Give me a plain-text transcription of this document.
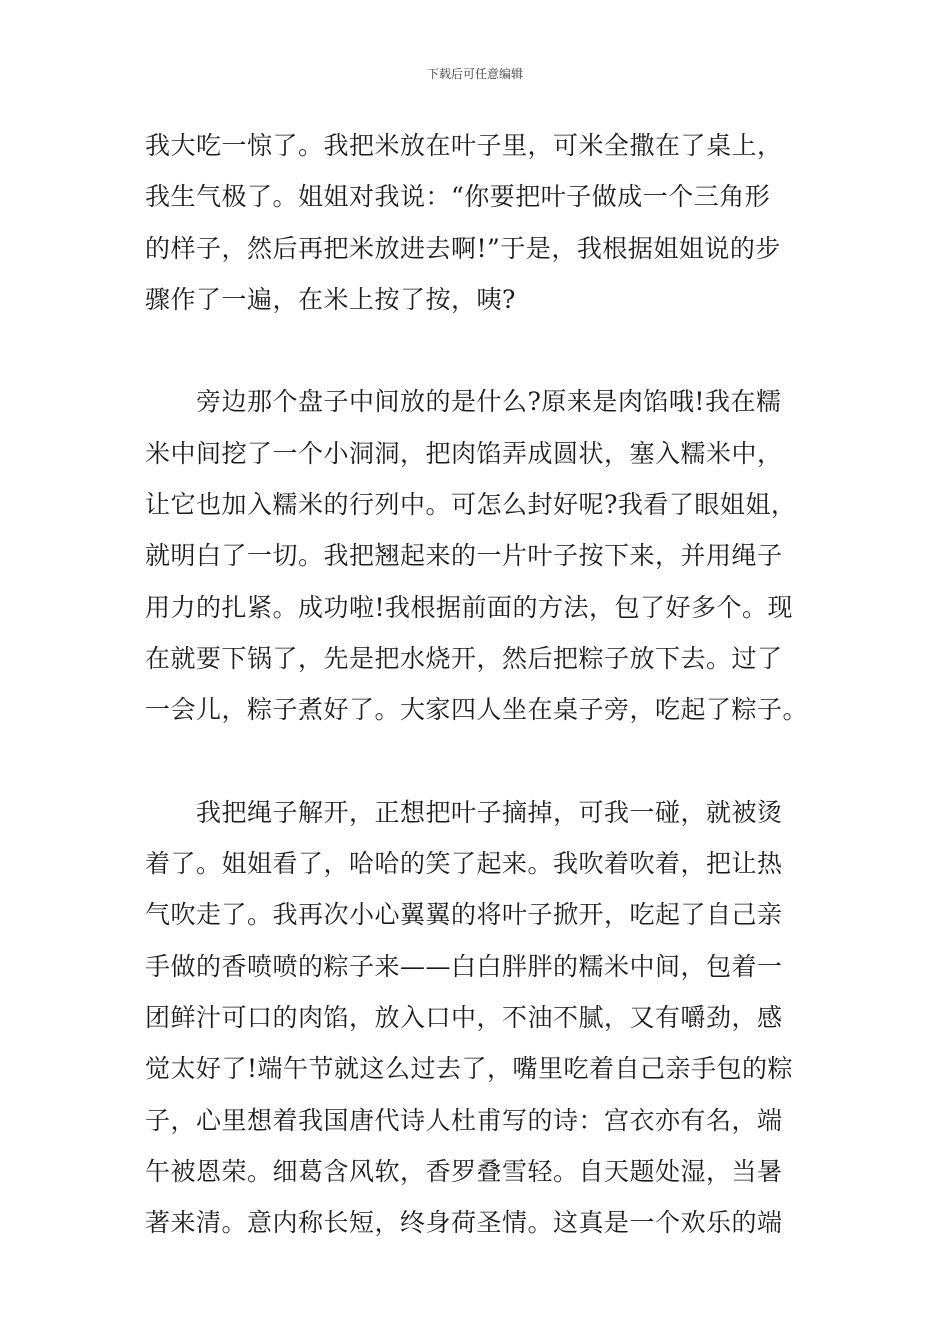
下载后可任意编辑
我大吃一惊了。我把米放在叶子里，可米全撒在了桌上，
我生气极了。姐姐对我说：“你要把叶子做成一个三角形
的样子，然后再把米放进去啊!”于是，我根据姐姐说的步
骤作了一遍，在米上按了按，咦?
　　旁边那个盘子中间放的是什么?原来是肉馅哦!我在糯
米中间挖了一个小洞洞，把肉馅弄成圆状，塞入糯米中，
让它也加入糯米的行列中。可怎么封好呢?我看了眼姐姐，
就明白了一切。我把翘起来的一片叶子按下来，并用绳子
用力的扎紧。成功啦!我根据前面的方法，包了好多个。现
在就要下锅了，先是把水烧开，然后把粽子放下去。过了
一会儿，粽子煮好了。大家四人坐在桌子旁，吃起了粽子。
　　我把绳子解开，正想把叶子摘掉，可我一碰，就被烫
着了。姐姐看了，哈哈的笑了起来。我吹着吹着，把让热
气吹走了。我再次小心翼翼的将叶子掀开，吃起了自己亲
手做的香喷喷的粽子来——白白胖胖的糯米中间，包着一
团鲜汁可口的肉馅，放入口中，不油不腻，又有嚼劲，感
觉太好了!端午节就这么过去了，嘴里吃着自己亲手包的粽
子，心里想着我国唐代诗人杜甫写的诗：宫衣亦有名，端
午被恩荣。细葛含风软，香罗叠雪轻。自天题处湿，当暑
著来清。意内称长短，终身荷圣情。这真是一个欢乐的端
